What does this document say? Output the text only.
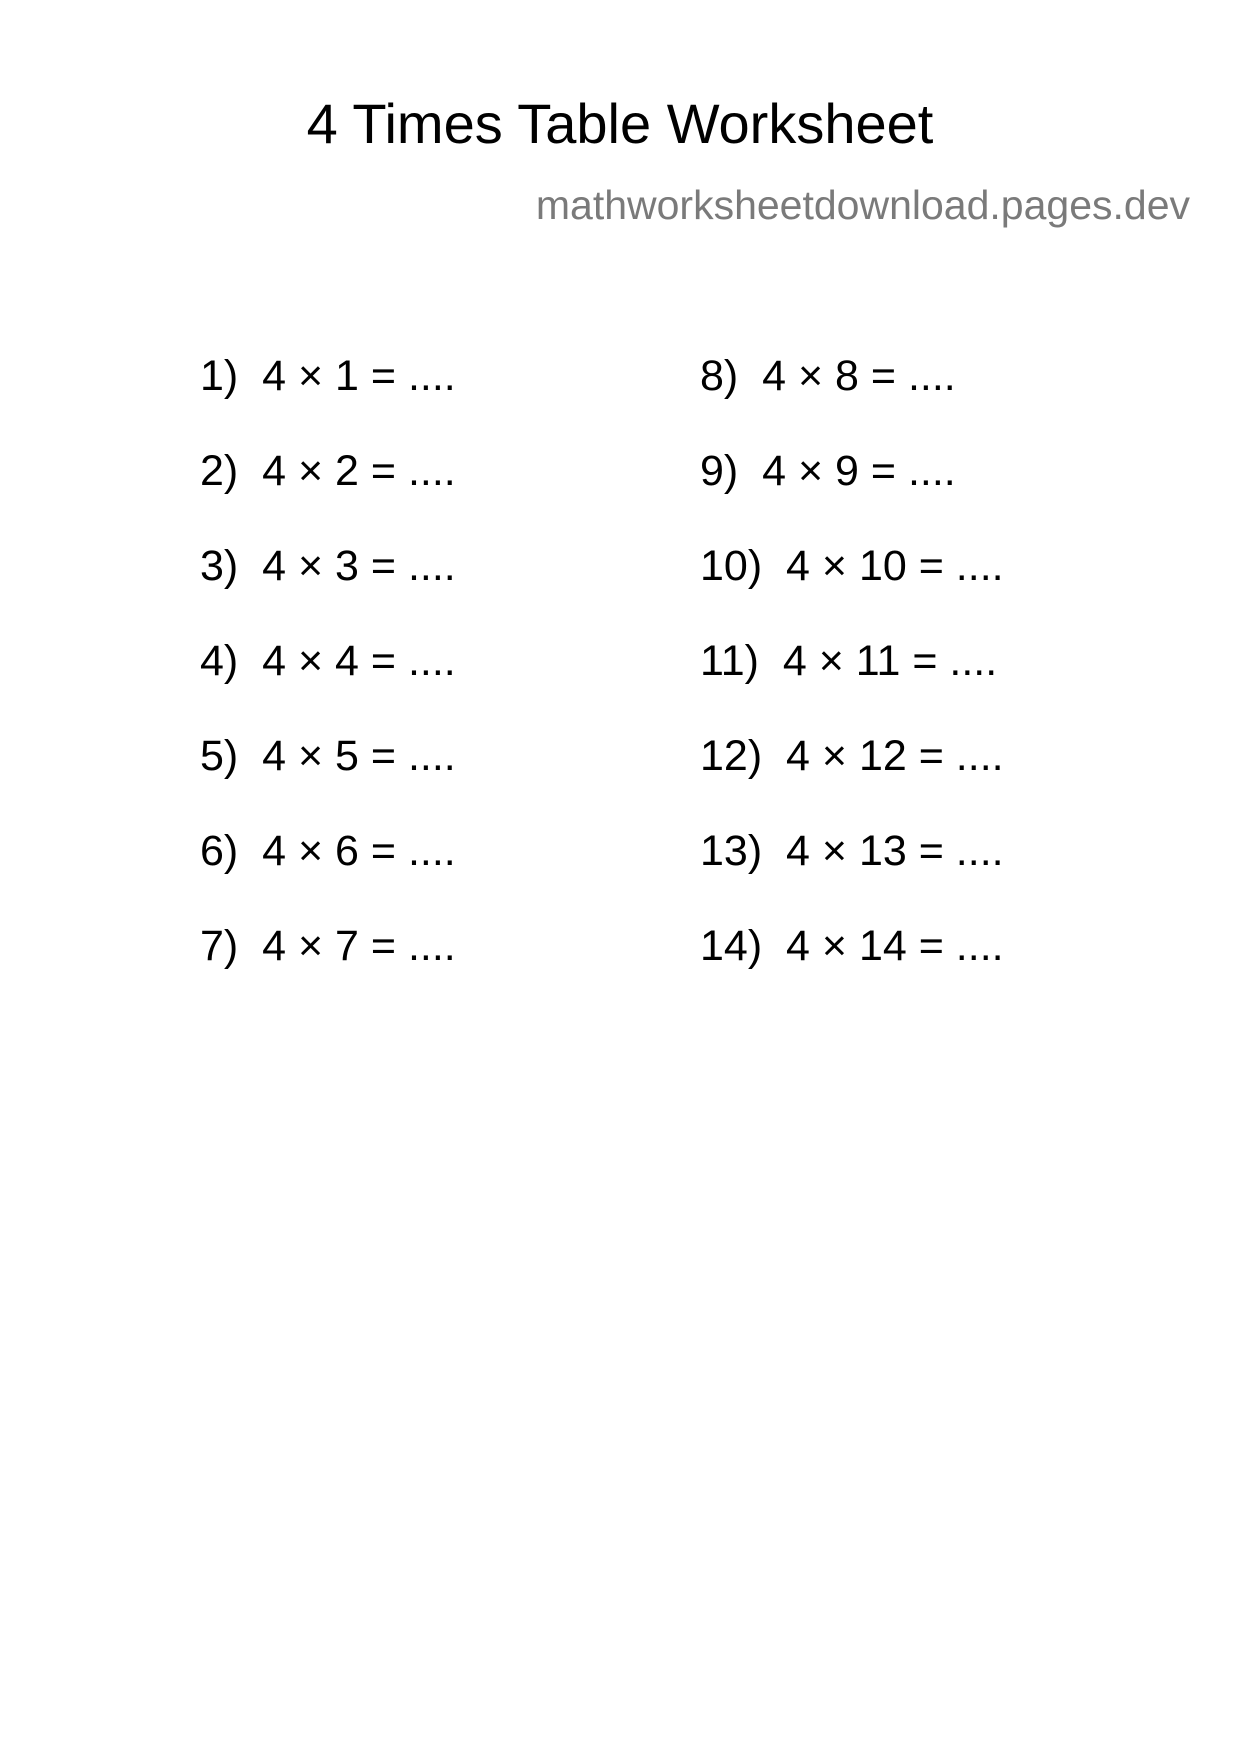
4 Times Table Worksheet
mathworksheetdownload.pages.dev
1)  4 × 1 = ....
2)  4 × 2 = ....
3)  4 × 3 = ....
4)  4 × 4 = ....
5)  4 × 5 = ....
6)  4 × 6 = ....
7)  4 × 7 = ....
8)  4 × 8 = ....
9)  4 × 9 = ....
10)  4 × 10 = ....
11)  4 × 11 = ....
12)  4 × 12 = ....
13)  4 × 13 = ....
14)  4 × 14 = ....
